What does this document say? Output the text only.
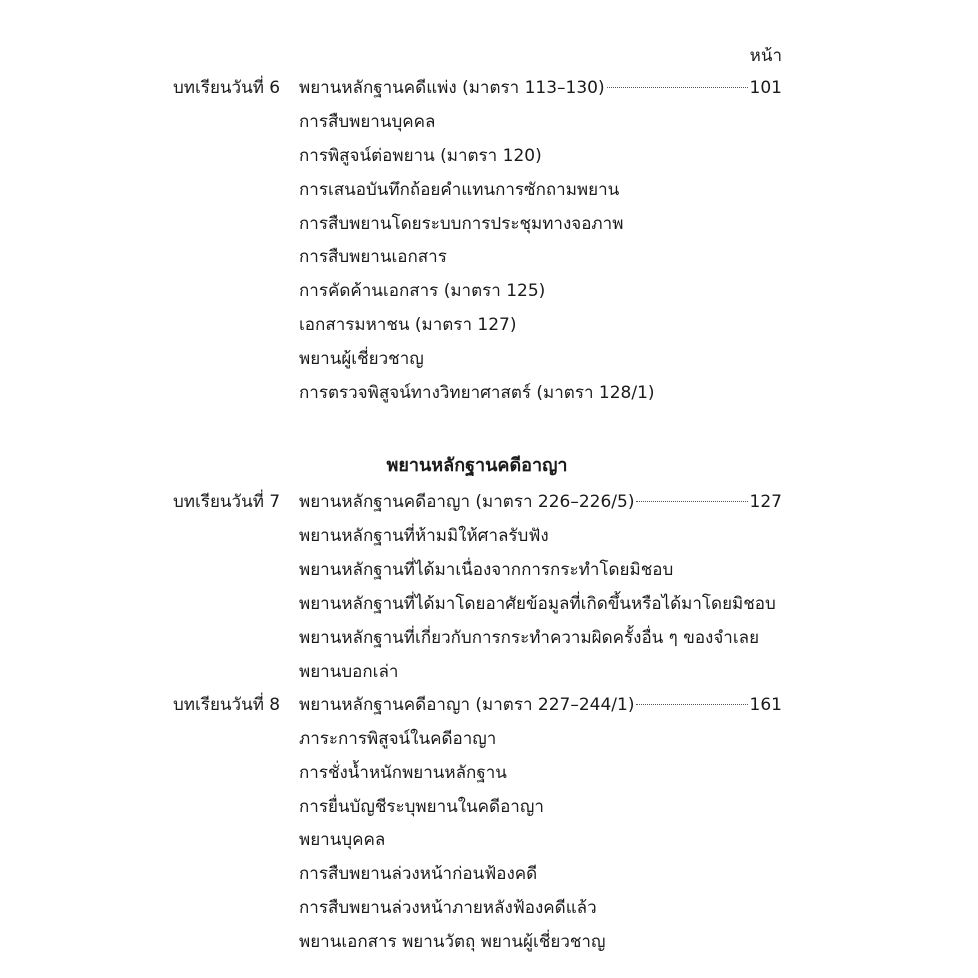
หน้า
บทเรียนวันที่ 6 พยานหลักฐานคดีแพ่ง (มาตรา 113–130)	101
การสืบพยานบุคคล
การพิสูจน์ต่อพยาน (มาตรา 120)
การเสนอบันทึกถ้อยคำแทนการซักถามพยาน
การสืบพยานโดยระบบการประชุมทางจอภาพ
การสืบพยานเอกสาร
การคัดค้านเอกสาร (มาตรา 125)
เอกสารมหาชน (มาตรา 127)
พยานผู้เชี่ยวชาญ
การตรวจพิสูจน์ทางวิทยาศาสตร์ (มาตรา 128/1)
พยานหลักฐานคดีอาญา
บทเรียนวันที่ 7 พยานหลักฐานคดีอาญา (มาตรา 226–226/5)	127
พยานหลักฐานที่ห้ามมิให้ศาลรับฟัง
พยานหลักฐานที่ได้มาเนื่องจากการกระทำโดยมิชอบ
พยานหลักฐานที่ได้มาโดยอาศัยข้อมูลที่เกิดขึ้นหรือได้มาโดยมิชอบ
พยานหลักฐานที่เกี่ยวกับการกระทำความผิดครั้งอื่น ๆ ของจำเลย
พยานบอกเล่า
บทเรียนวันที่ 8 พยานหลักฐานคดีอาญา (มาตรา 227–244/1)	161
ภาระการพิสูจน์ในคดีอาญา
การชั่งน้ำหนักพยานหลักฐาน
การยื่นบัญชีระบุพยานในคดีอาญา
พยานบุคคล
การสืบพยานล่วงหน้าก่อนฟ้องคดี
การสืบพยานล่วงหน้าภายหลังฟ้องคดีแล้ว
พยานเอกสาร พยานวัตถุ พยานผู้เชี่ยวชาญ
